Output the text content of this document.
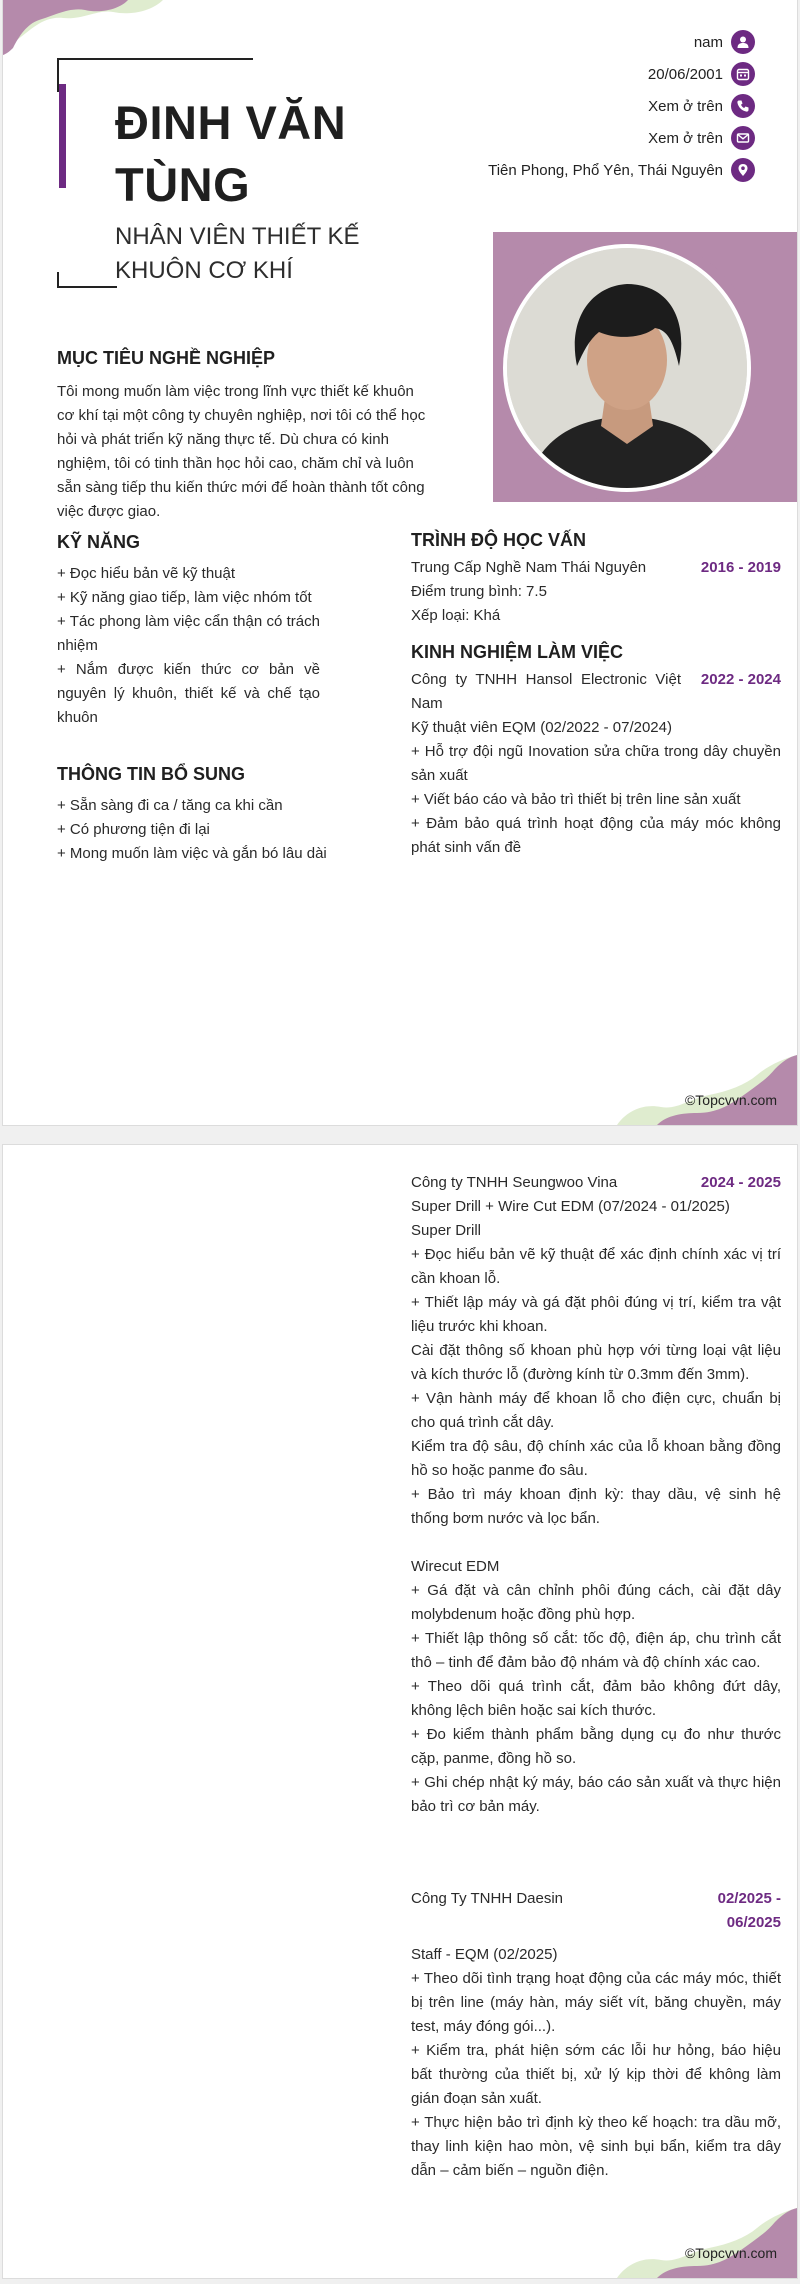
ĐINH VĂN
TÙNG
NHÂN VIÊN THIẾT KẾ
KHUÔN CƠ KHÍ
nam
20/06/2001
Xem ở trên
Xem ở trên
Tiên Phong, Phổ Yên, Thái Nguyên
MỤC TIÊU NGHỀ NGHIỆP

Tôi mong muốn làm việc trong lĩnh vực thiết kế khuôn

cơ khí tại một công ty chuyên nghiệp, nơi tôi có thể học

hỏi và phát triển kỹ năng thực tế. Dù chưa có kinh

nghiệm, tôi có tinh thần học hỏi cao, chăm chỉ và luôn

sẵn sàng tiếp thu kiến thức mới để hoàn thành tốt công

việc được giao.

KỸ NĂNG

+ Đọc hiểu bản vẽ kỹ thuật

+ Kỹ năng giao tiếp, làm việc nhóm tốt

+ Tác phong làm việc cẩn thận có trách nhiệm

+ Nắm được kiến thức cơ bản về nguyên lý khuôn, thiết kế và chế tạo khuôn

THÔNG TIN BỔ SUNG

+ Sẵn sàng đi ca / tăng ca khi cần

+ Có phương tiện đi lại

+ Mong muốn làm việc và gắn bó lâu dài

TRÌNH ĐỘ HỌC VẤN
Trung Cấp Nghề Nam Thái Nguyên	2016 - 2019

Điểm trung bình: 7.5

Xếp loại: Khá

KINH NGHIỆM LÀM VIỆC
Công ty TNHH Hansol Electronic Việt Nam
2022 - 2024

Kỹ thuật viên EQM (02/2022 - 07/2024)

+ Hỗ trợ đội ngũ Inovation sửa chữa trong dây chuyền sản xuất

+ Viết báo cáo và bảo trì thiết bị trên line sản xuất

+ Đảm bảo quá trình hoạt động của máy móc không phát sinh vấn đề

©Topcvvn.com
Công ty TNHH Seungwoo Vina	2024 - 2025

Super Drill + Wire Cut EDM (07/2024 - 01/2025)

Super Drill

+ Đọc hiểu bản vẽ kỹ thuật để xác định chính xác vị trí cần khoan lỗ.

+ Thiết lập máy và gá đặt phôi đúng vị trí, kiểm tra vật liệu trước khi khoan.

Cài đặt thông số khoan phù hợp với từng loại vật liệu và kích thước lỗ (đường kính từ 0.3mm đến 3mm).

+ Vận hành máy để khoan lỗ cho điện cực, chuẩn bị cho quá trình cắt dây.

Kiểm tra độ sâu, độ chính xác của lỗ khoan bằng đồng hồ so hoặc panme đo sâu.

+ Bảo trì máy khoan định kỳ: thay dầu, vệ sinh hệ thống bơm nước và lọc bẩn.

Wirecut EDM

+ Gá đặt và cân chỉnh phôi đúng cách, cài đặt dây molybdenum hoặc đồng phù hợp.

+ Thiết lập thông số cắt: tốc độ, điện áp, chu trình cắt thô – tinh để đảm bảo độ nhám và độ chính xác cao.

+ Theo dõi quá trình cắt, đảm bảo không đứt dây, không lệch biên hoặc sai kích thước.

+ Đo kiểm thành phẩm bằng dụng cụ đo như thước cặp, panme, đồng hồ so.

+ Ghi chép nhật ký máy, báo cáo sản xuất và thực hiện bảo trì cơ bản máy.

Công Ty TNHH Daesin	02/2025 - 06/2025

Staff - EQM (02/2025)

+ Theo dõi tình trạng hoạt động của các máy móc, thiết bị trên line (máy hàn, máy siết vít, băng chuyền, máy test, máy đóng gói...).

+ Kiểm tra, phát hiện sớm các lỗi hư hỏng, báo hiệu bất thường của thiết bị, xử lý kịp thời để không làm gián đoạn sản xuất.

+ Thực hiện bảo trì định kỳ theo kế hoạch: tra dầu mỡ, thay linh kiện hao mòn, vệ sinh bụi bẩn, kiểm tra dây dẫn – cảm biến – nguồn điện.

©Topcvvn.com
